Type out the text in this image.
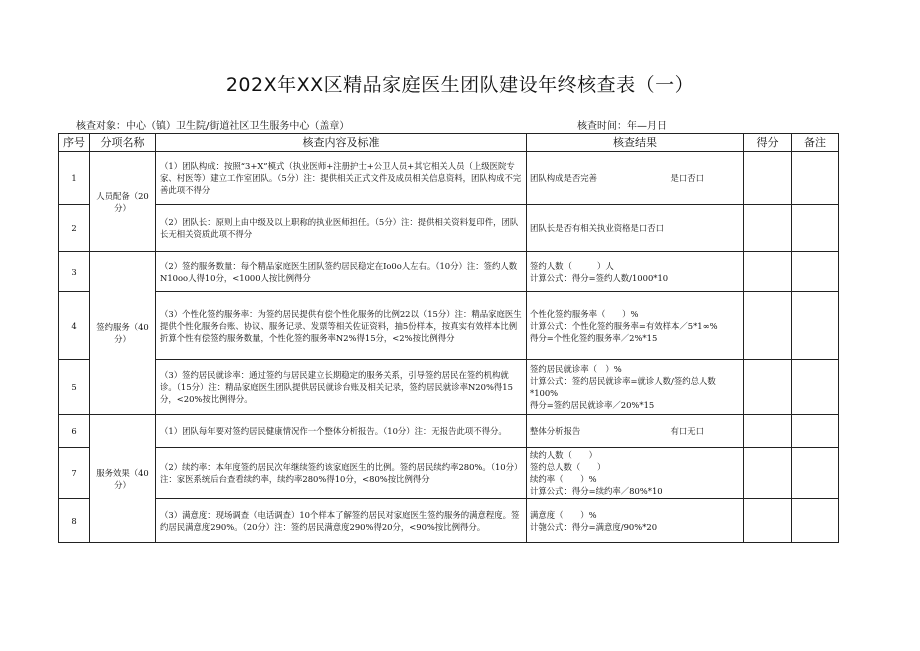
202X年XX区精品家庭医生团队建设年终核查表（一）
核查对象：中心（镇）卫生院/街道社区卫生服务中心（盖章）	核查时间：年—月日
序号	分项名称	核查内容及标准	核查结果	得分	备注
1	人员配备（20分）	（1）团队构成：按照“3+X”模式（执业医师+注册护士+公卫人员+其它相关人员（上级医院专家、村医等）建立工作室团队。（5分）注：提供相关正式文件及成员相关信息资料，团队构成不完善此项不得分	团队构成是否完善 是口否口		

2		（2）团队长：原则上由中级及以上职称的执业医师担任。（5分）注：提供相关资料复印件，团队长无相关资质此项不得分	团队长是否有相关执业资格是口否口		
3	签约服务（40分）	（2）签约服务数量：每个精品家庭医生团队签约居民稳定在Io0o人左右。（10分）注：签约人数N10oo人得10分，<1000人按比例得分	签约人数（　　　）人
计算公式：得分=签约人数/1000*10		
4		（3）个性化签约服务率：为签约居民提供有偿个性化服务的比例22以（15分）注：精品家庭医生提供个性化服务台账、协议、服务记录、发票等相关佐证资料，抽5份样本，按真实有效样本比例折算个性有偿签约服务数量，个性化签约服务率N2%得15分，<2%按比例得分	个性化签约服务率（　　）%
计算公式：个性化签约服务率=有效样本／5*1∞%
得分=个性化签约服务率／2%*15		
5		（3）签约居民就诊率：通过签约与居民建立长期稳定的服务关系，引导签约居民在签约机构就诊。（15分）注：精品家庭医生团队提供居民就诊台账及相关记录，签约居民就诊率N20%得15分，<20%按比例得分。	签约居民就诊率（　）%
计算公式：签约居民就诊率=就诊人数/签约总人数*100%
得分=签约居民就诊率／20%*15		
6	服务效果（40分）	（1）团队每年要对签约居民健康情况作一个整体分析报告。（10分）注：无报告此项不得分。	整体分析报告 有口无口		

7		（2）续约率：本年度签约居民次年继续签约该家庭医生的比例。签约居民续约率280%。（10分）注：家医系统后台查看续约率，续约率280%得10分，<80%按比例得分	续约人数（　　）
签约总人数（　　）
续约率（　　）%
计算公式：得分=续约率／80%*10		
8		（3）满意度：现场调查（电话调查）10个样本了解签约居民对家庭医生签约服务的满意程度。签约居民满意度290%。（20分）注：签约居民满意度290%得20分，<90%按比例得分。	满意度（　　）%
计匏公式：得分=满意度/90%*20		
